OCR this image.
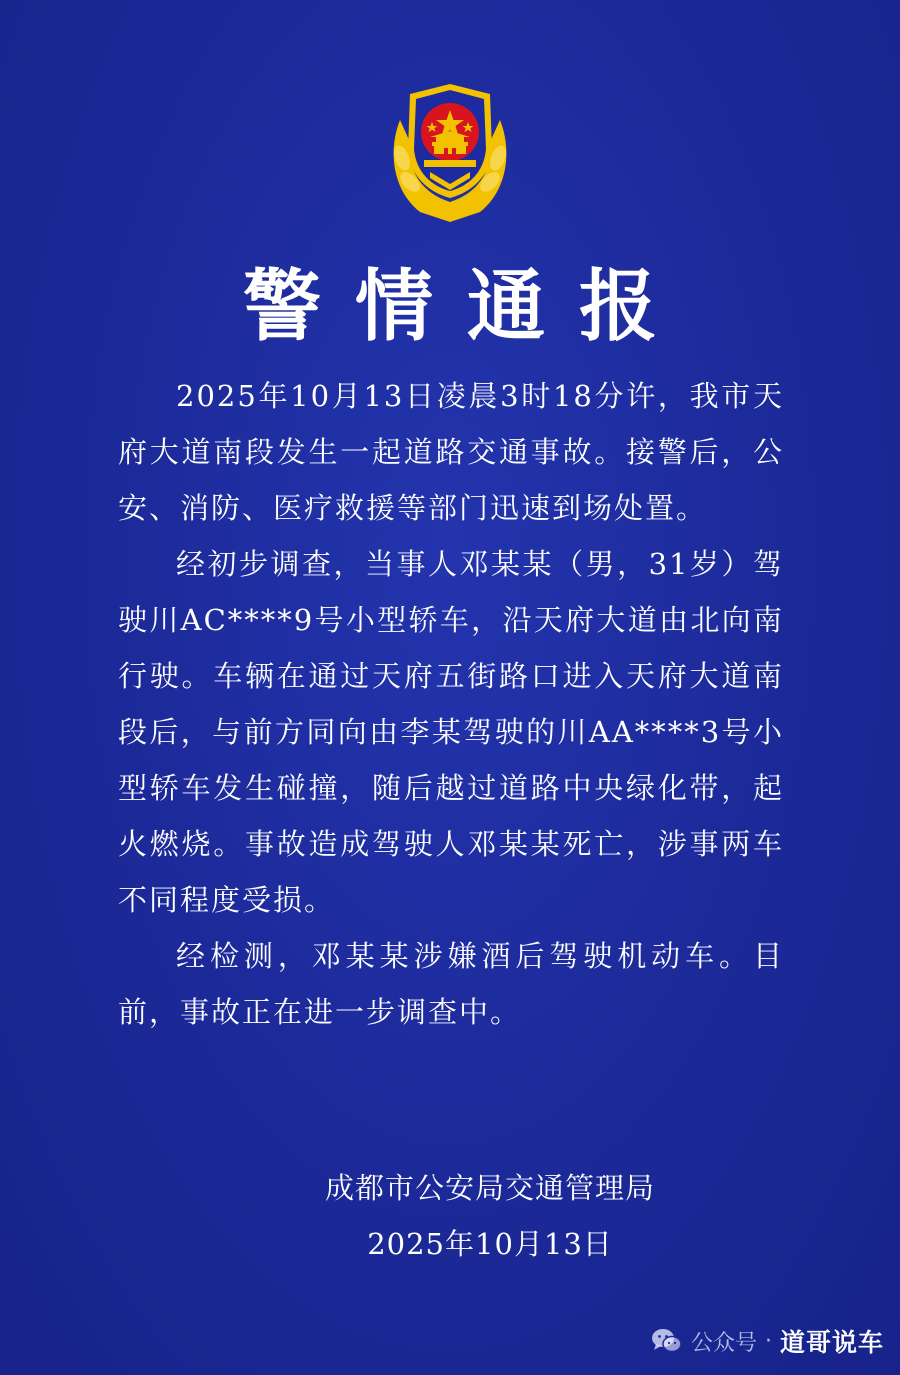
警情通报

2025年10月13日凌晨3时18分许，我市天府大道南段发生一起道路交通事故。接警后，公安、消防、医疗救援等部门迅速到场处置。

经初步调查，当事人邓某某（男，31岁）驾驶川AC****9号小型轿车，沿天府大道由北向南行驶。车辆在通过天府五街路口进入天府大道南段后，与前方同向由李某驾驶的川AA****3号小型轿车发生碰撞，随后越过道路中央绿化带，起火燃烧。事故造成驾驶人邓某某死亡，涉事两车不同程度受损。

经检测，邓某某涉嫌酒后驾驶机动车。目前，事故正在进一步调查中。

成都市公安局交通管理局
2025年10月13日
公众号 · 道哥说车
